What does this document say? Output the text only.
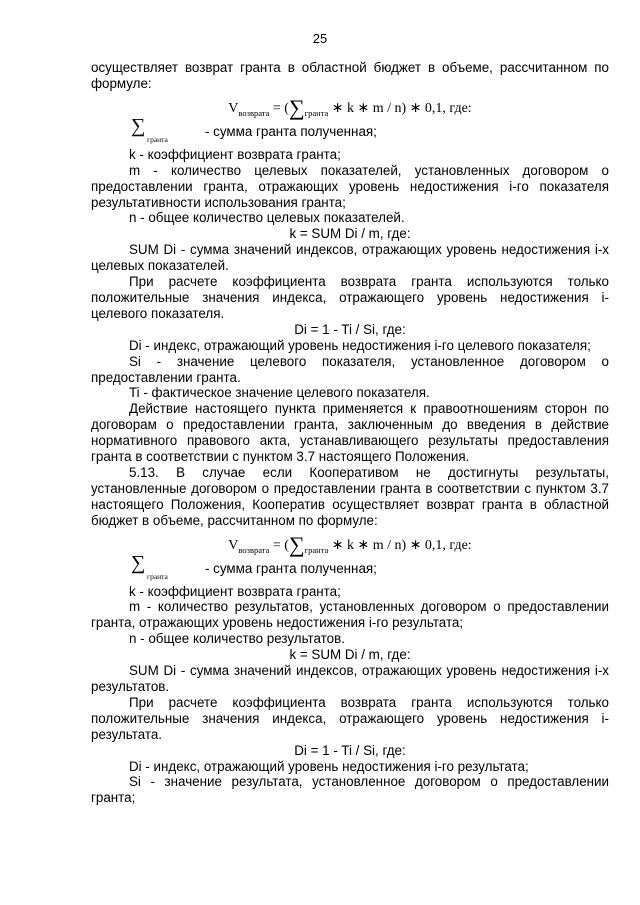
25

осуществляет возврат гранта в областной бюджет в объеме, рассчитанном по

формуле:

$V_{возврата} = (\sum_{гранта}$ ∗ k ∗ m / n) ∗ 0,1, где:

∑
гранта
- сумма гранта полученная;

k - коэффициент возврата гранта;

m - количество целевых показателей, установленных договором о предоставлении гранта, отражающих уровень недостижения i-го показателя результативности использования гранта;

n - общее количество целевых показателей.

k = SUM Di / m, где:

SUM Di - сумма значений индексов, отражающих уровень недостижения i-х целевых показателей.

При расчете коэффициента возврата гранта используются только положительные значения индекса, отражающего уровень недостижения i-целевого показателя.

Di = 1 - Ti / Si, где:

Di - индекс, отражающий уровень недостижения i-го целевого показателя;

Si - значение целевого показателя, установленное договором о предоставлении гранта.

Ti - фактическое значение целевого показателя.

Действие настоящего пункта применяется к правоотношениям сторон по договорам о предоставлении гранта, заключенным до введения в действие нормативного правового акта, устанавливающего результаты предоставления гранта в соответствии с пунктом 3.7 настоящего Положения.

5.13. В случае если Кооперативом не достигнуты результаты, установленные договором о предоставлении гранта в соответствии с пунктом 3.7 настоящего Положения, Кооператив осуществляет возврат гранта в областной бюджет в объеме, рассчитанном по формуле:

$V_{возврата} = (\sum_{гранта}$ ∗ k ∗ m / n) ∗ 0,1, где:

∑
гранта
- сумма гранта полученная;

k - коэффициент возврата гранта;

m - количество результатов, установленных договором о предоставлении гранта, отражающих уровень недостижения i-го результата;

n - общее количество результатов.

k = SUM Di / m, где:

SUM Di - сумма значений индексов, отражающих уровень недостижения i-х результатов.

При расчете коэффициента возврата гранта используются только положительные значения индекса, отражающего уровень недостижения i-результата.

Di = 1 - Ti / Si, где:

Di - индекс, отражающий уровень недостижения i-го результата;

Si - значение результата, установленное договором о предоставлении гранта;
